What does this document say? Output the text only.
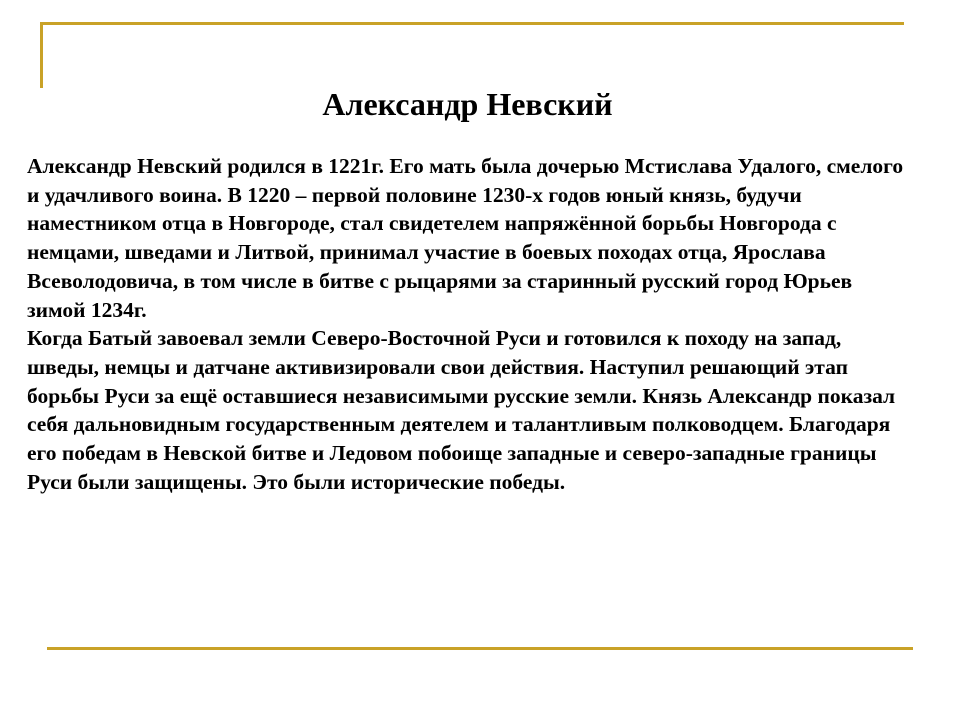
Александр Невский

Александр Невский родился в 1221г. Его мать была дочерью Мстислава Удалого, смелого и удачливого воина. В 1220 – первой половине 1230-х годов юный князь, будучи наместником отца в Новгороде, стал свидетелем напряжённой борьбы Новгорода с немцами, шведами и Литвой, принимал участие в боевых походах отца, Ярослава Всеволодовича, в том числе в битве с рыцарями за старинный русский город Юрьев зимой 1234г.

Когда Батый завоевал земли Северо-Восточной Руси и готовился к походу на запад, шведы, немцы и датчане активизировали свои действия. Наступил решающий этап борьбы Руси за ещё оставшиеся независимыми русские земли. Князь Александр показал себя дальновидным государственным деятелем и талантливым полководцем. Благодаря его победам в Невской битве и Ледовом побоище западные и северо-западные границы Руси были защищены. Это были исторические победы.
